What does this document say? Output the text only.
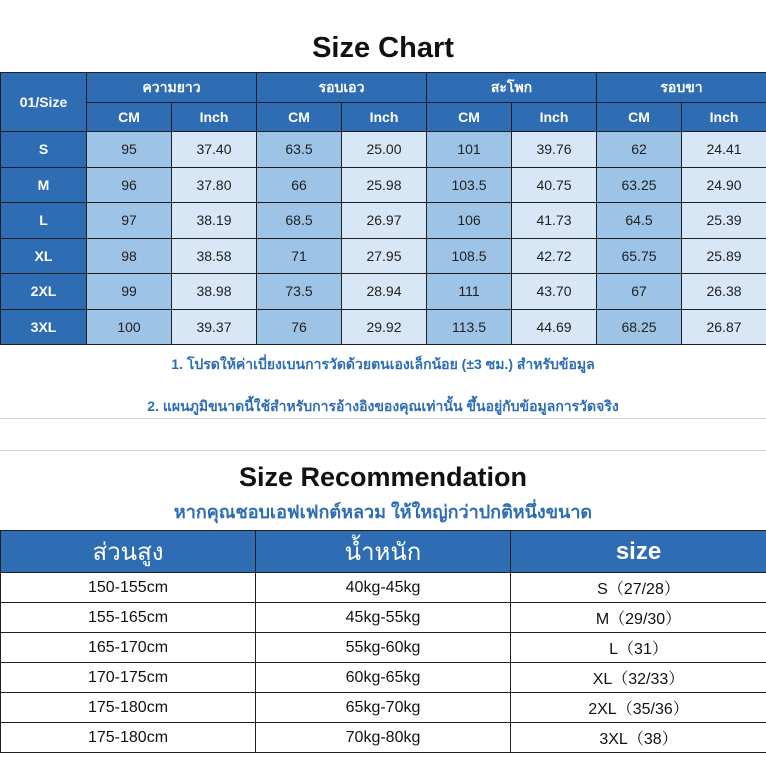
Size Chart
01/Size	ความยาว		รอบเอว		สะโพก		รอบขา	
	CM	Inch	CM	Inch	CM	Inch	CM	Inch
S	95	37.40	63.5	25.00	101	39.76	62	24.41
M	96	37.80	66	25.98	103.5	40.75	63.25	24.90
L	97	38.19	68.5	26.97	106	41.73	64.5	25.39
XL	98	38.58	71	27.95	108.5	42.72	65.75	25.89
2XL	99	38.98	73.5	28.94	111	43.70	67	26.38
3XL	100	39.37	76	29.92	113.5	44.69	68.25	26.87
1. โปรดให้ค่าเบี่ยงเบนการวัดด้วยตนเองเล็กน้อย (±3 ซม.) สำหรับข้อมูล
2. แผนภูมิขนาดนี้ใช้สำหรับการอ้างอิงของคุณเท่านั้น ขึ้นอยู่กับข้อมูลการวัดจริง
Size Recommendation
หากคุณชอบเอฟเฟกต์หลวม ให้ใหญ่กว่าปกติหนึ่งขนาด
ส่วนสูง	น้ำหนัก	size
150-155cm	40kg-45kg	S（27/28）
155-165cm	45kg-55kg	M（29/30）
165-170cm	55kg-60kg	L（31）
170-175cm	60kg-65kg	XL（32/33）
175-180cm	65kg-70kg	2XL（35/36）
175-180cm	70kg-80kg	3XL（38）
